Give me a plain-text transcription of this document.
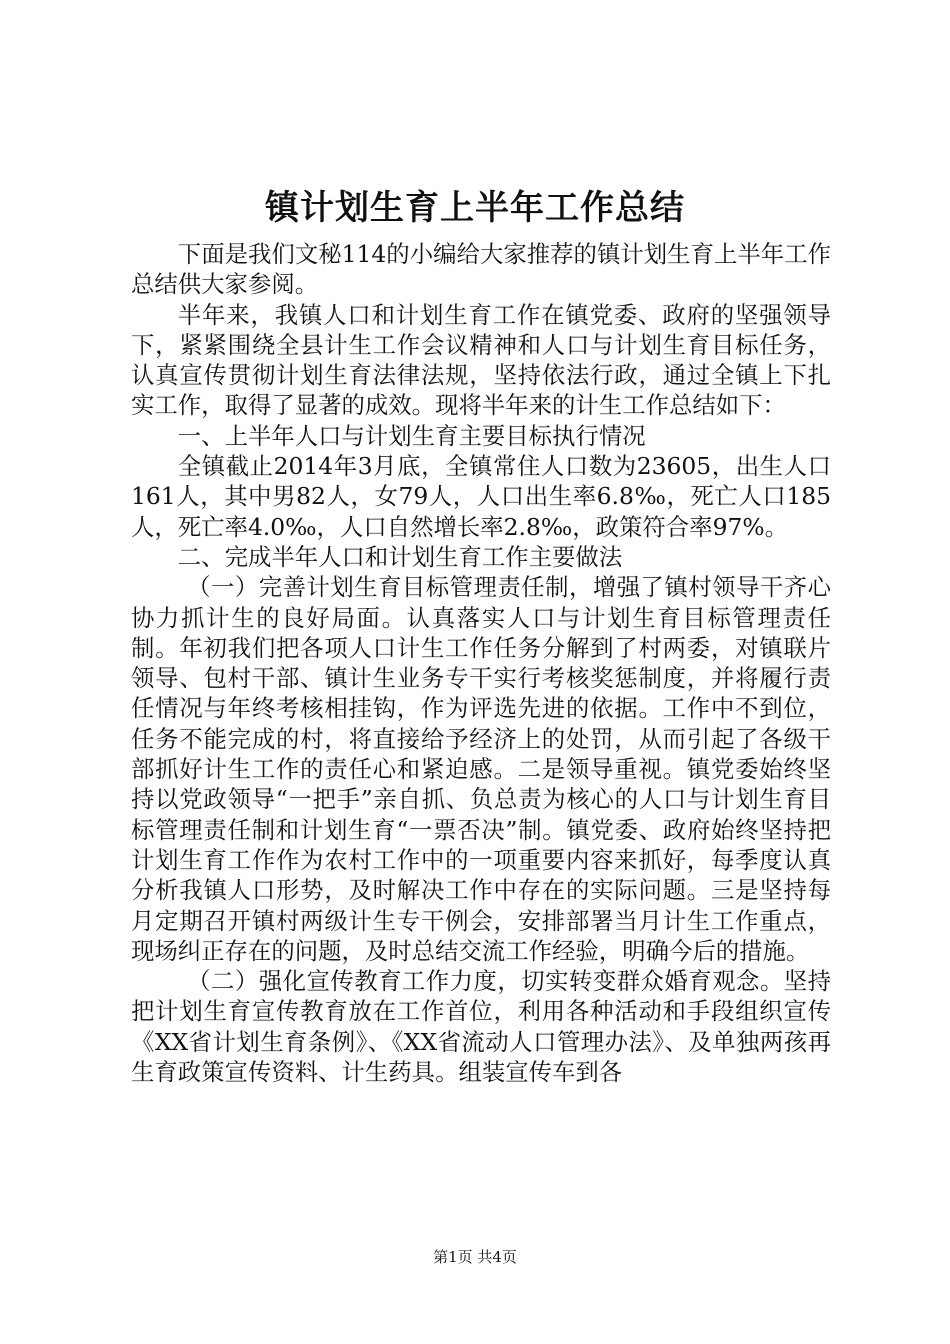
镇计划生育上半年工作总结

下面是我们文秘114的小编给大家推荐的镇计划生育上半年工作总结供大家参阅。

半年来，我镇人口和计划生育工作在镇党委、政府的坚强领导下，紧紧围绕全县计生工作会议精神和人口与计划生育目标任务，认真宣传贯彻计划生育法律法规，坚持依法行政，通过全镇上下扎实工作，取得了显著的成效。现将半年来的计生工作总结如下：

一、上半年人口与计划生育主要目标执行情况

全镇截止2014年3月底，全镇常住人口数为23605，出生人口161人，其中男82人，女79人，人口出生率6.8‰，死亡人口185人，死亡率4.0‰，人口自然增长率2.8‰，政策符合率97%。

二、完成半年人口和计划生育工作主要做法

（一）完善计划生育目标管理责任制，增强了镇村领导干齐心协力抓计生的良好局面。认真落实人口与计划生育目标管理责任制。年初我们把各项人口计生工作任务分解到了村两委，对镇联片领导、包村干部、镇计生业务专干实行考核奖惩制度，并将履行责任情况与年终考核相挂钩，作为评选先进的依据。工作中不到位，任务不能完成的村，将直接给予经济上的处罚，从而引起了各级干部抓好计生工作的责任心和紧迫感。二是领导重视。镇党委始终坚持以党政领导“一把手”亲自抓、负总责为核心的人口与计划生育目标管理责任制和计划生育“一票否决”制。镇党委、政府始终坚持把计划生育工作作为农村工作中的一项重要内容来抓好，每季度认真分析我镇人口形势，及时解决工作中存在的实际问题。三是坚持每月定期召开镇村两级计生专干例会，安排部署当月计生工作重点，现场纠正存在的问题，及时总结交流工作经验，明确今后的措施。

（二）强化宣传教育工作力度，切实转变群众婚育观念。坚持把计划生育宣传教育放在工作首位，利用各种活动和手段组织宣传《XX省计划生育条例》、《XX省流动人口管理办法》、及单独两孩再生育政策宣传资料、计生药具。组装宣传车到各

第1页 共4页
